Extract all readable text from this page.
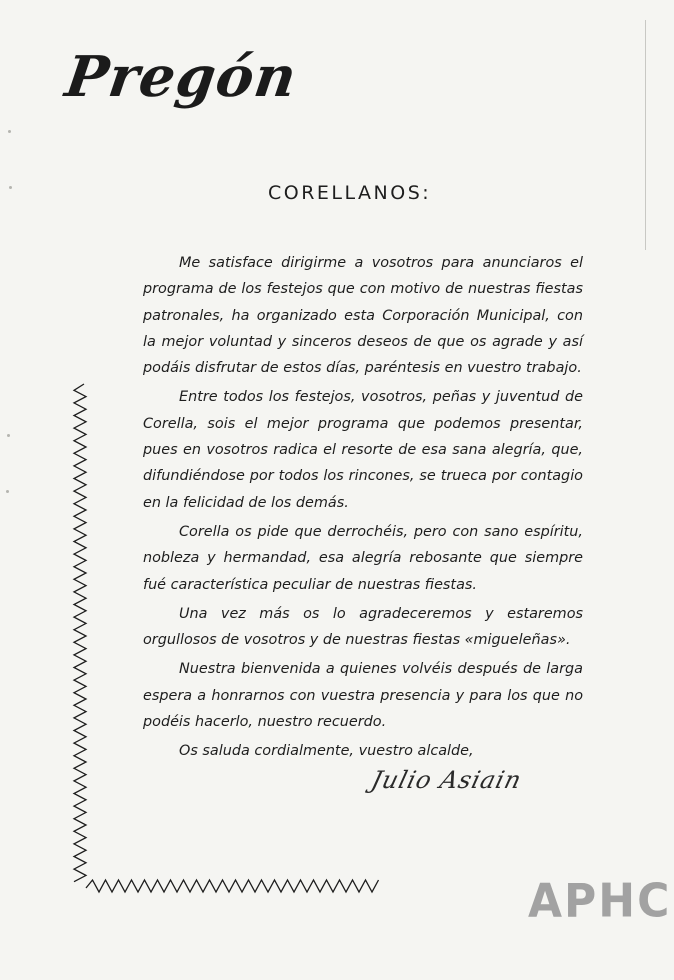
Pregón
CORELLANOS:

Me satisface dirigirme a vosotros para anunciaros el programa de los festejos que con motivo de nuestras fiestas patronales, ha organizado esta Corporación Municipal, con la mejor voluntad y sinceros deseos de que os agrade y así podáis disfrutar de estos días, paréntesis en vuestro trabajo.

Entre todos los festejos, vosotros, peñas y juventud de Corella, sois el mejor programa que podemos presentar, pues en vosotros radica el resorte de esa sana alegría, que, difundiéndose por todos los rincones, se trueca por contagio en la felicidad de los demás.

Corella os pide que derrochéis, pero con sano espíritu, nobleza y hermandad, esa alegría rebosante que siempre fué característica peculiar de nuestras fiestas.

Una vez más os lo agradeceremos y estaremos orgullosos de vosotros y de nuestras fiestas «migueleñas».

Nuestra bienvenida a quienes volvéis después de larga espera a honrarnos con vuestra presencia y para los que no podéis hacerlo, nuestro recuerdo.

Os saluda cordialmente, vuestro alcalde,

Julio Asiain
APHC
